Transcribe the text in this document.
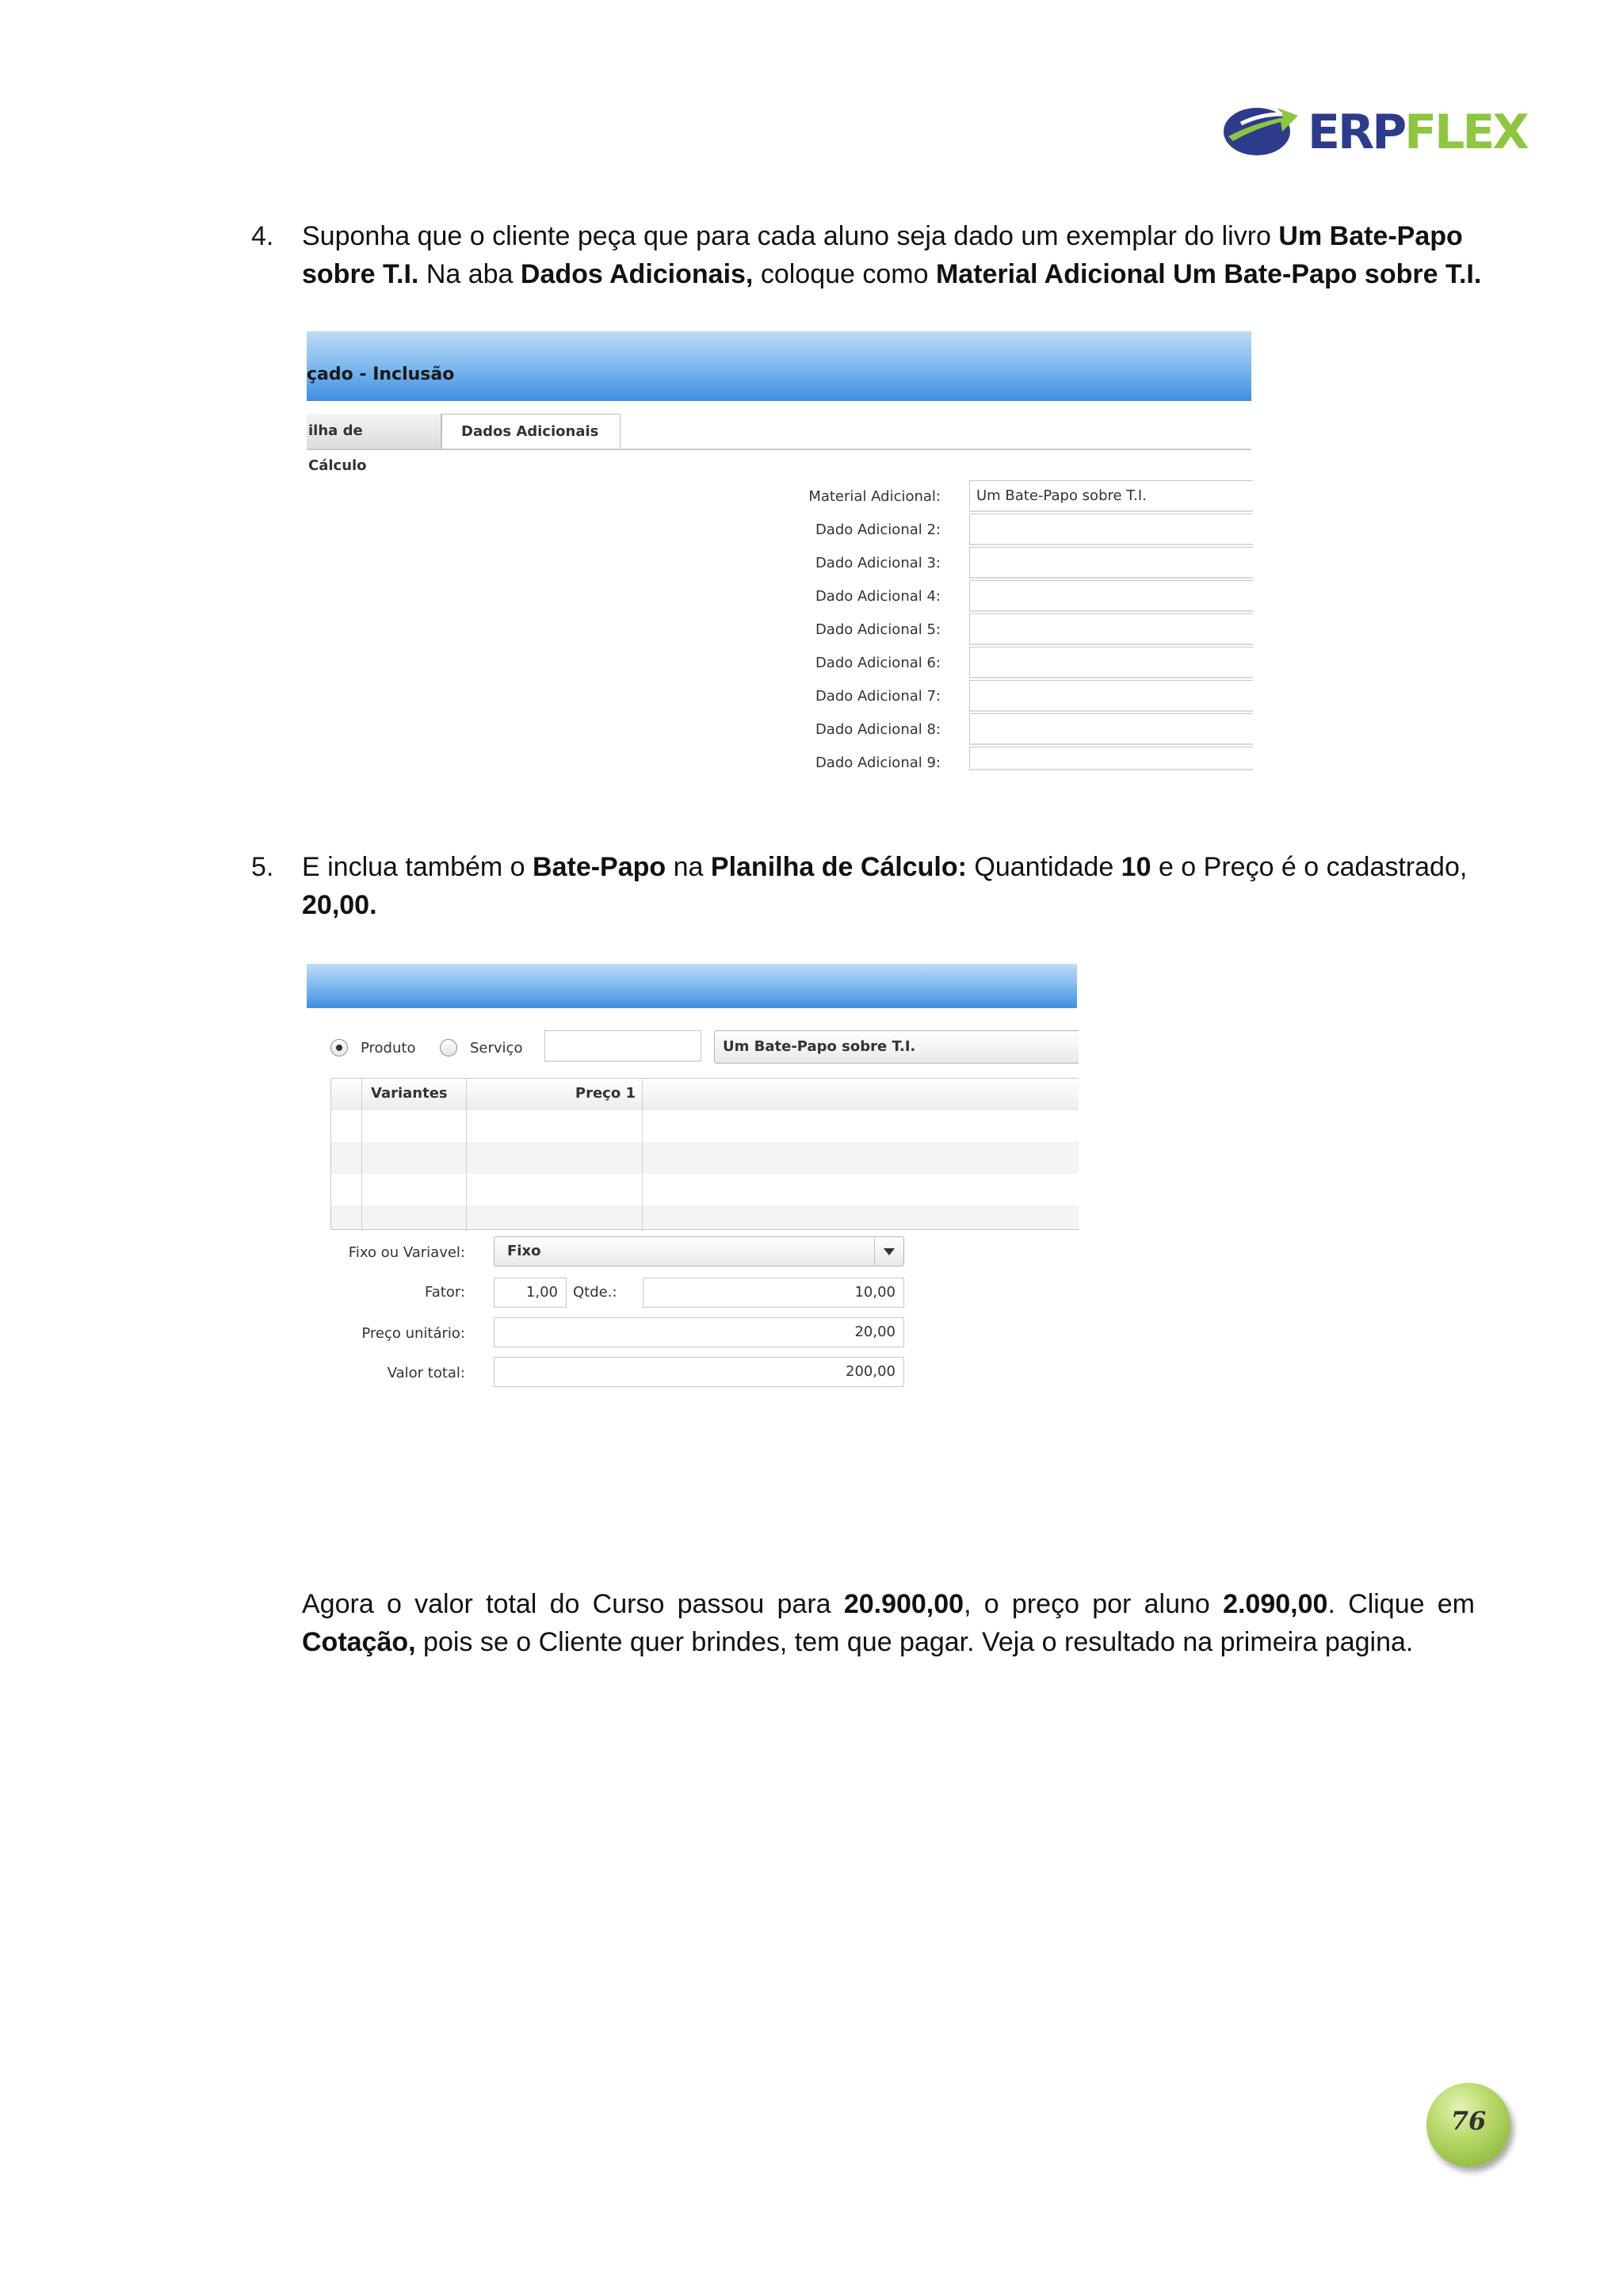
ERPFLEX
4. Suponha que o cliente peça que para cada aluno seja dado um exemplar do livro Um Bate-Papo
sobre T.I. Na aba Dados Adicionais, coloque como Material Adicional Um Bate-Papo sobre T.I.
çado - Inclusão
ilha de Cálculo
Dados Adicionais
Material Adicional:	Um Bate-Papo sobre T.I.
Dado Adicional 2:
Dado Adicional 3:
Dado Adicional 4:
Dado Adicional 5:
Dado Adicional 6:
Dado Adicional 7:
Dado Adicional 8:
Dado Adicional 9:
5. E inclua também o Bate-Papo na Planilha de Cálculo: Quantidade 10 e o Preço é o cadastrado,
20,00.
Produto	Serviço	Um Bate-Papo sobre T.I.
Variantes	Preço 1
Fixo ou Variavel:	Fixo
Fator:	1,00	Qtde.:	10,00
Preço unitário:	20,00
Valor total:	200,00
Agora o valor total do Curso passou para 20.900,00, o preço por aluno 2.090,00. Clique em
Cotação, pois se o Cliente quer brindes, tem que pagar. Veja o resultado na primeira pagina.
76
